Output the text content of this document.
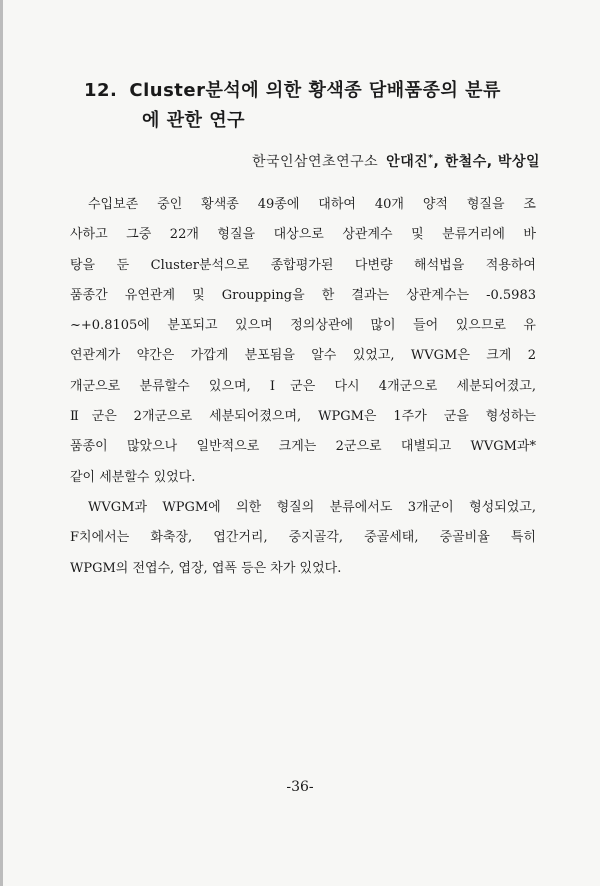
12. Cluster분석에 의한 황색종 담배품종의 분류
에 관한 연구
한국인삼연초연구소 안대진*, 한철수, 박상일
수입보존 중인 황색종 49종에 대하여 40개 양적 형질을 조
사하고 그중 22개 형질을 대상으로 상관계수 및 분류거리에 바
탕을 둔 Cluster분석으로 종합평가된 다변량 해석법을 적용하여
품종간 유연관계 및 Groupping을 한 결과는 상관계수는 -0.5983
~+0.8105에 분포되고 있으며 정의상관에 많이 들어 있으므로 유
연관계가 약간은 가깝게 분포됨을 알수 있었고, WVGM은 크게 2
개군으로 분류할수 있으며, Ⅰ군은 다시 4개군으로 세분되어졌고,
Ⅱ군은 2개군으로 세분되어졌으며, WPGM은 1주가 군을 형성하는
품종이 많았으나 일반적으로 크게는 2군으로 대별되고 WVGM과*
같이 세분할수 있었다.
WVGM과 WPGM에 의한 형질의 분류에서도 3개군이 형성되었고,
F치에서는 화축장, 엽간거리, 중지골각, 중골세태, 중골비율 특히
WPGM의 전엽수, 엽장, 엽폭 등은 차가 있었다.
-36-
